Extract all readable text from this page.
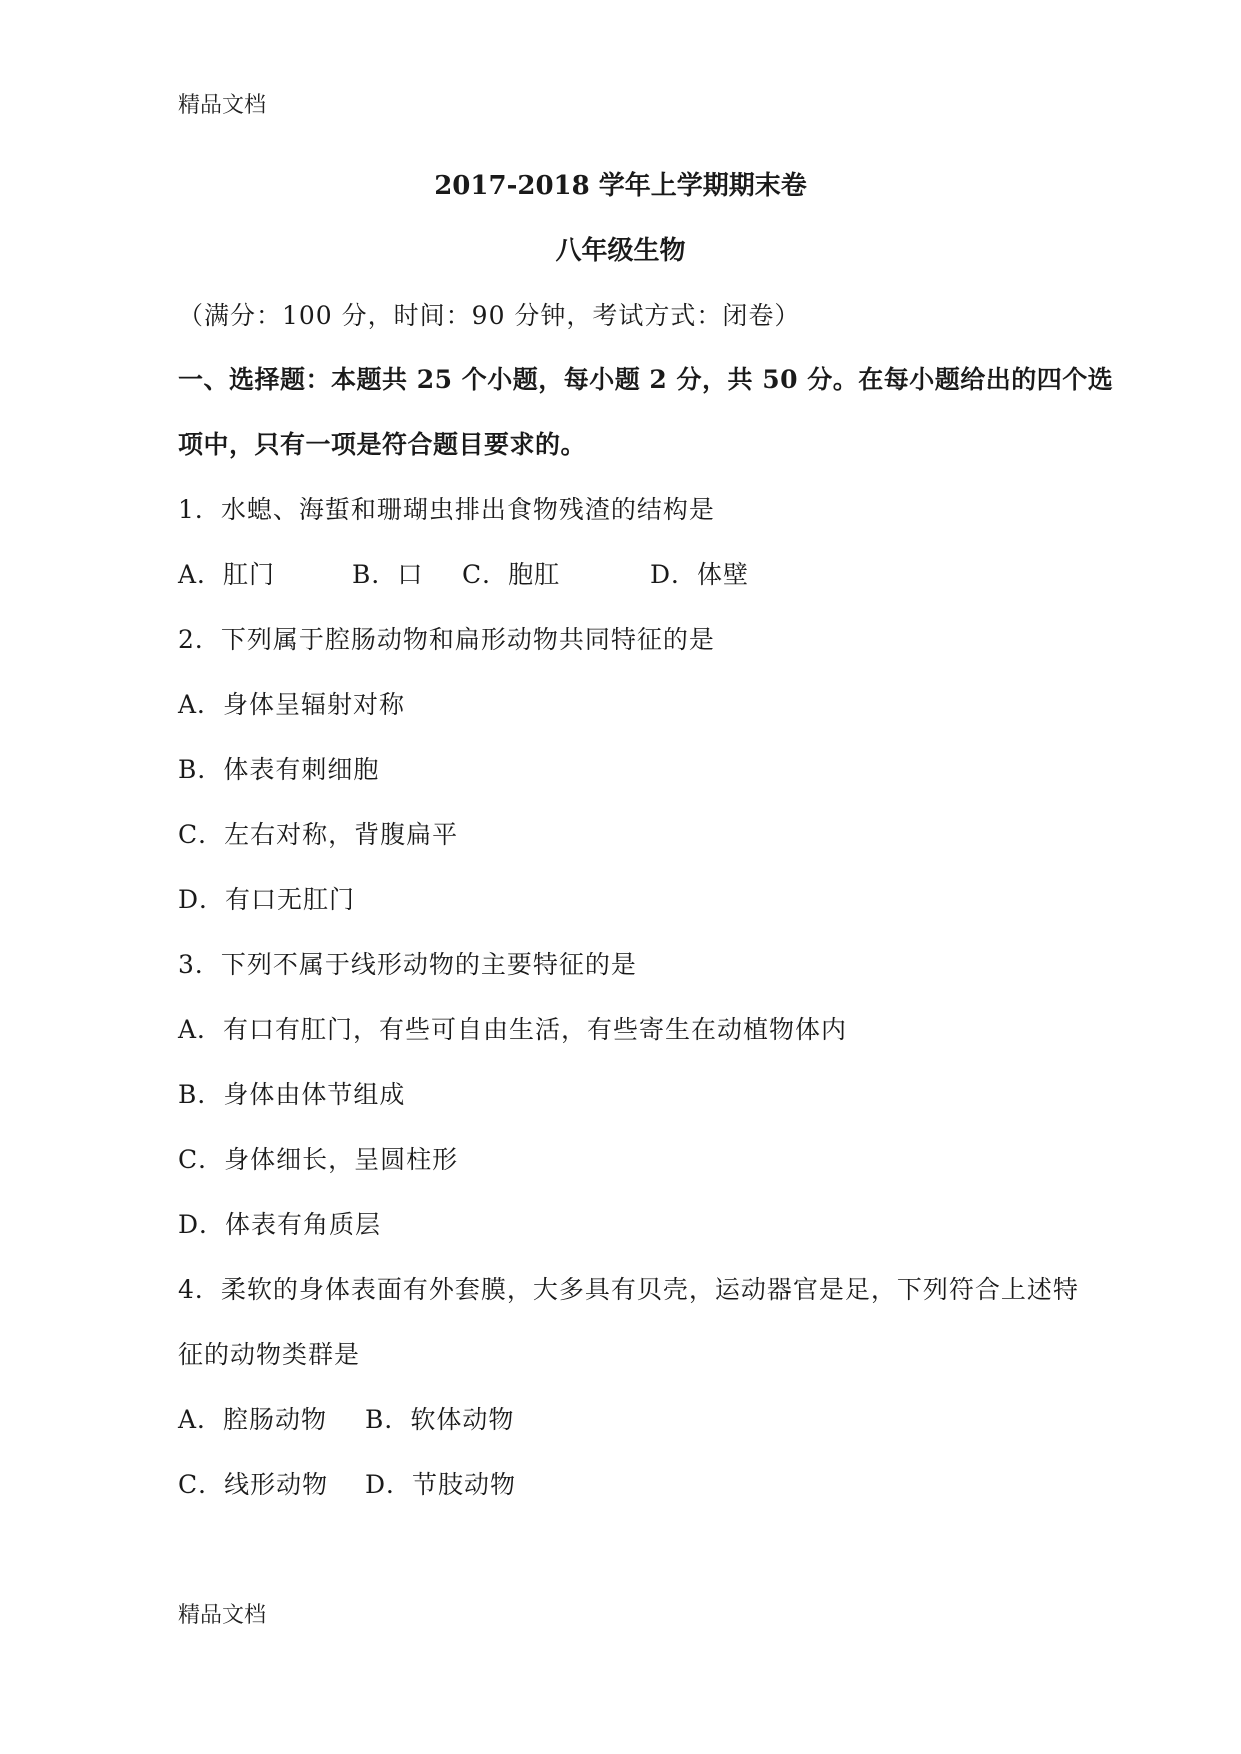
精品文档
2017-2018 学年上学期期末卷
八年级生物
（满分：100 分，时间：90 分钟，考试方式：闭卷）
一、选择题：本题共 25 个小题，每小题 2 分，共 50 分。在每小题给出的四个选
项中，只有一项是符合题目要求的。
1．水螅、海蜇和珊瑚虫排出食物残渣的结构是
A．肛门	B．口 C．胞肛	D．体壁
2．下列属于腔肠动物和扁形动物共同特征的是
A．身体呈辐射对称
B．体表有刺细胞
C．左右对称，背腹扁平
D．有口无肛门
3．下列不属于线形动物的主要特征的是
A．有口有肛门，有些可自由生活，有些寄生在动植物体内
B．身体由体节组成
C．身体细长，呈圆柱形
D．体表有角质层
4．柔软的身体表面有外套膜，大多具有贝壳，运动器官是足，下列符合上述特
征的动物类群是
A．腔肠动物 B．软体动物
C．线形动物 D．节肢动物
精品文档
